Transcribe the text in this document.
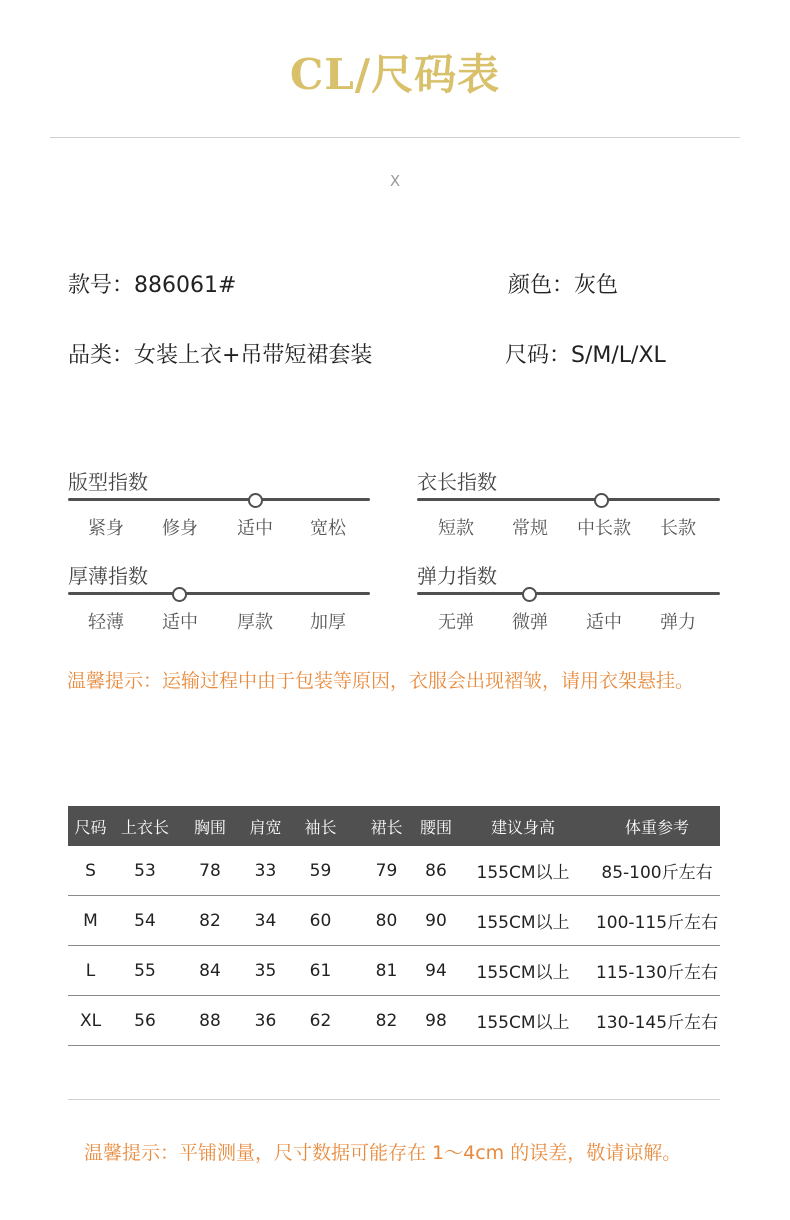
CL/尺码表
X
款号：886061#	颜色：灰色
品类：女装上衣+吊带短裙套装	尺码：S/M/L/XL
版型指数
紧身	修身	适中	宽松
衣长指数
短款	常规	中长款	长款
厚薄指数
轻薄	适中	厚款	加厚
弹力指数
无弹	微弹	适中	弹力
温馨提示：运输过程中由于包装等原因，衣服会出现褶皱，请用衣架悬挂。
尺码	上衣长	胸围	肩宽	袖长	裙长	腰围	建议身高	体重参考
S	53	78	33	59	79	86	155CM以上	85-100斤左右
M	54	82	34	60	80	90	155CM以上	100-115斤左右
L	55	84	35	61	81	94	155CM以上	115-130斤左右
XL	56	88	36	62	82	98	155CM以上	130-145斤左右
温馨提示：平铺测量，尺寸数据可能存在 1～4cm 的误差，敬请谅解。
